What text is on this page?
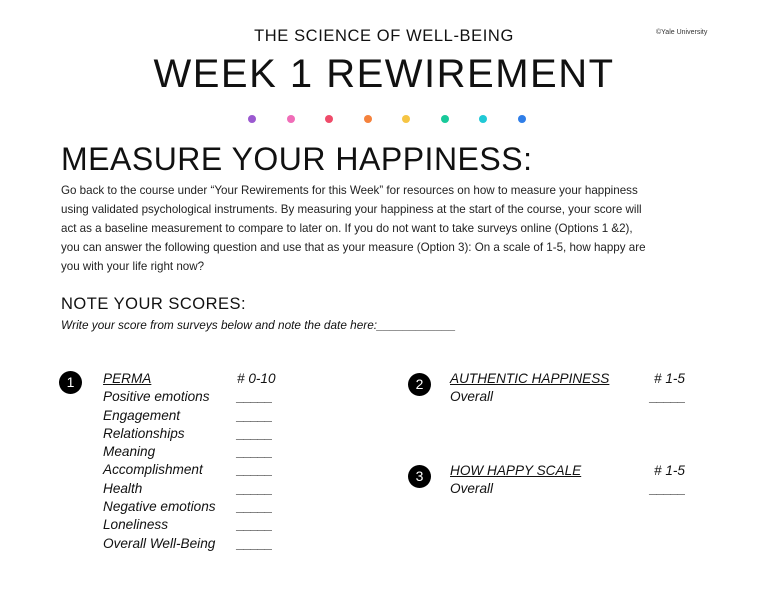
©Yale University
THE SCIENCE OF WELL-BEING
WEEK 1 REWIREMENT
MEASURE YOUR HAPPINESS:
Go back to the course under “Your Rewirements for this Week” for resources on how to measure your happiness
using validated psychological instruments. By measuring your happiness at the start of the course, your score will
act as a baseline measurement to compare to later on. If you do not want to take surveys online (Options 1 &2),
you can answer the following question and use that as your measure (Option 3): On a scale of 1-5, how happy are
you with your life right now?
NOTE YOUR SCORES:
Write your score from surveys below and note the date here:____________
1	PERMA	# 0-10
Positive emotions _____
Engagement	_____
Relationships	_____
Meaning	_____
Accomplishment	_____
Health	_____
Negative emotions _____
Loneliness	_____
Overall Well-Being _____
2	AUTHENTIC HAPPINESS	# 1-5
Overall	_____
3	HOW HAPPY SCALE	# 1-5
Overall	_____
